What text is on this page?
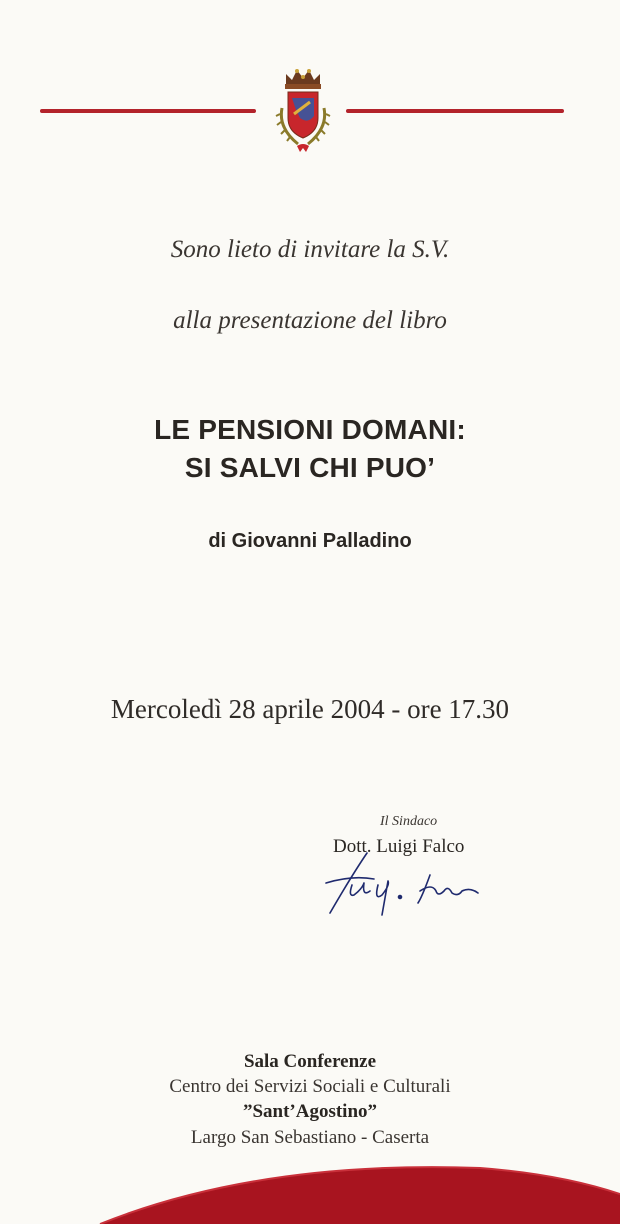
Sono lieto di invitare la S.V.
alla presentazione del libro
LE PENSIONI DOMANI:
SI SALVI CHI PUO’
di Giovanni Palladino
Mercoledì 28 aprile 2004 - ore 17.30
Il Sindaco
Dott. Luigi Falco
Sala Conferenze
Centro dei Servizi Sociali e Culturali
”Sant’Agostino”
Largo San Sebastiano - Caserta
